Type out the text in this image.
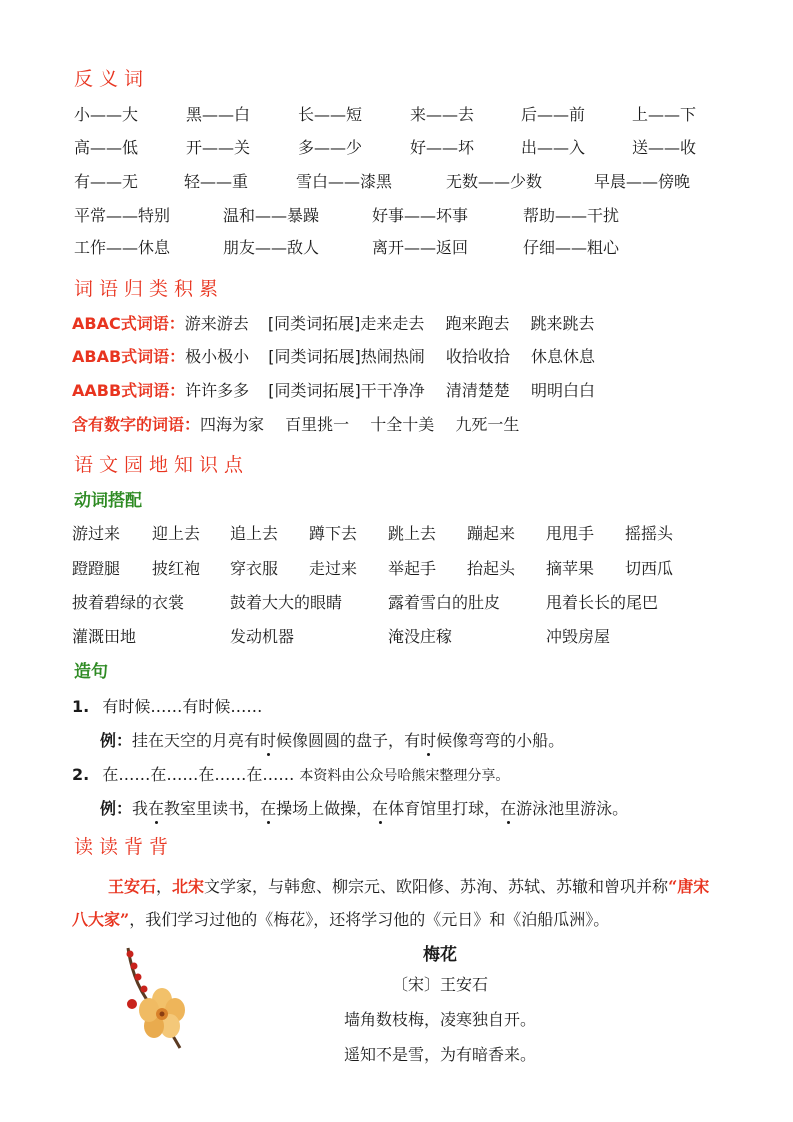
反义词
小——大	黑——白	长——短	来——去	后——前	上——下
高——低	开——关	多——少	好——坏	出——入	送——收
有——无	轻——重	雪白——漆黑	无数——少数	早晨——傍晚
平常——特别	温和——暴躁	好事——坏事	帮助——干扰
工作——休息	朋友——敌人	离开——返回	仔细——粗心
词语归类积累
ABAC式词语：游来游去 [同类词拓展]走来走去 跑来跑去 跳来跳去
ABAB式词语：极小极小 [同类词拓展]热闹热闹 收拾收拾 休息休息
AABB式词语：许许多多 [同类词拓展]干干净净 清清楚楚 明明白白
含有数字的词语：四海为家 百里挑一 十全十美 九死一生
语文园地知识点
动词搭配
游过来 迎上去 追上去 蹲下去 跳上去 蹦起来 甩甩手 摇摇头
蹬蹬腿 披红袍 穿衣服 走过来 举起手 抬起头 摘苹果 切西瓜
披着碧绿的衣裳	鼓着大大的眼睛	露着雪白的肚皮	甩着长长的尾巴
灌溉田地	发动机器	淹没庄稼	冲毁房屋
造句
1. 有时候……有时候……
例：挂在天空的月亮有时候像圆圆的盘子，有时候像弯弯的小船。
2. 在……在……在……在…… 本资料由公众号哈熊宋整理分享。
例：我在教室里读书，在操场上做操，在体育馆里打球，在游泳池里游泳。
读读背背
王安石，北宋文学家，与韩愈、柳宗元、欧阳修、苏洵、苏轼、苏辙和曾巩并称“唐宋八大家”，我们学习过他的《梅花》，还将学习他的《元日》和《泊船瓜洲》。
梅花
〔宋〕王安石
墙角数枝梅，凌寒独自开。
遥知不是雪，为有暗香来。
